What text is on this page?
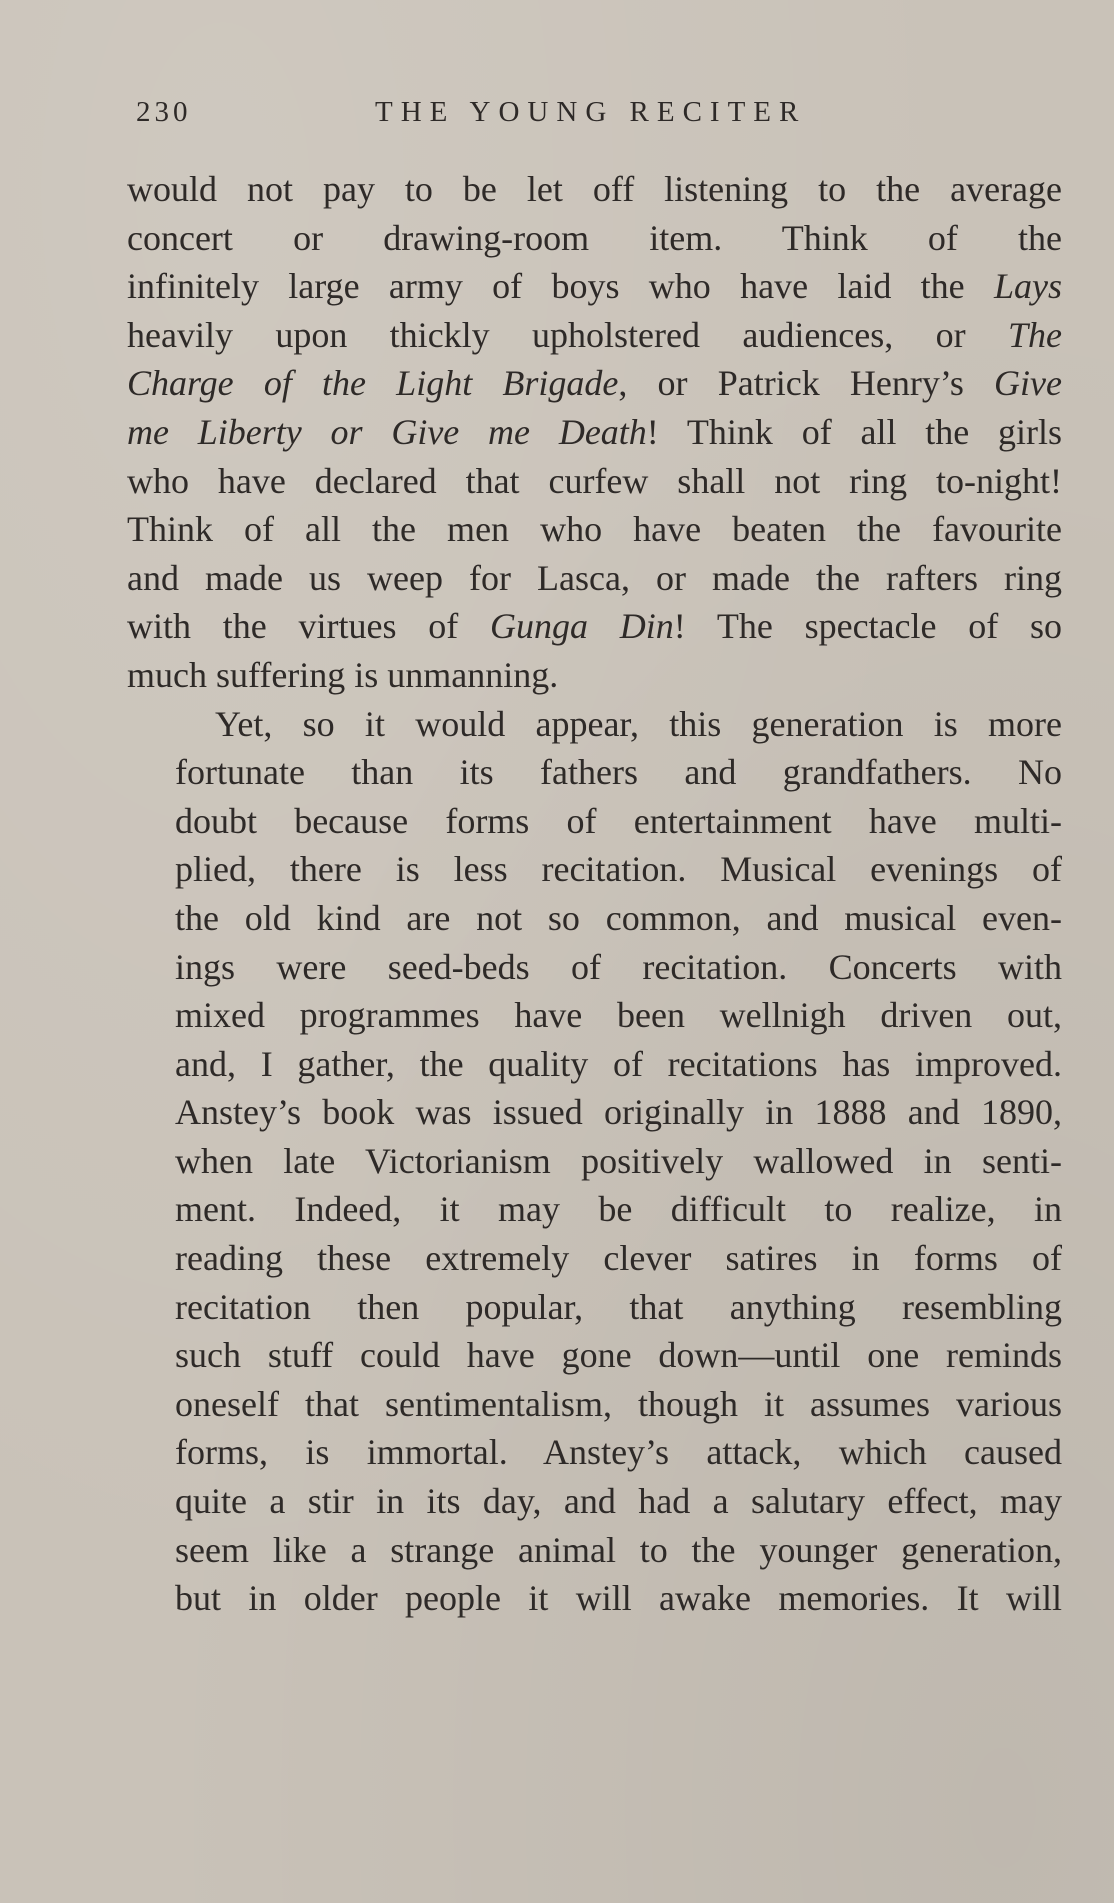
230	THE YOUNG RECITER
would not pay to be let off listening to the average
concert or drawing-room item. Think of the
infinitely large army of boys who have laid the Lays
heavily upon thickly upholstered audiences, or The
Charge of the Light Brigade, or Patrick Henry’s Give
me Liberty or Give me Death! Think of all the girls
who have declared that curfew shall not ring to-night!
Think of all the men who have beaten the favourite
and made us weep for Lasca, or made the rafters ring
with the virtues of Gunga Din! The spectacle of so
much suffering is unmanning.
Yet, so it would appear, this generation is more
fortunate than its fathers and grandfathers. No
doubt because forms of entertainment have multi-
plied, there is less recitation. Musical evenings of
the old kind are not so common, and musical even-
ings were seed-beds of recitation. Concerts with
mixed programmes have been wellnigh driven out,
and, I gather, the quality of recitations has improved.
Anstey’s book was issued originally in 1888 and 1890,
when late Victorianism positively wallowed in senti-
ment. Indeed, it may be difficult to realize, in
reading these extremely clever satires in forms of
recitation then popular, that anything resembling
such stuff could have gone down—until one reminds
oneself that sentimentalism, though it assumes various
forms, is immortal. Anstey’s attack, which caused
quite a stir in its day, and had a salutary effect, may
seem like a strange animal to the younger generation,
but in older people it will awake memories. It will
